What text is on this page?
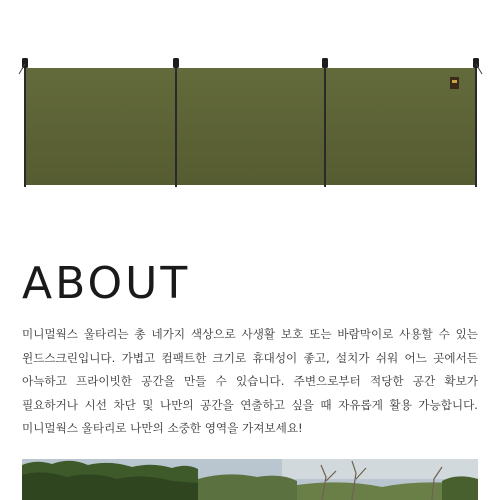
ABOUT

미니멀웍스 울타리는 총 네가지 색상으로 사생활 보호 또는 바람막이로 사용할 수 있는 윈드스크린입니다. 가볍고 컴팩트한 크기로 휴대성이 좋고, 설치가 쉬워 어느 곳에서든 아늑하고 프라이빗한 공간을 만들 수 있습니다. 주변으로부터 적당한 공간 확보가 필요하거나 시선 차단 및 나만의 공간을 연출하고 싶을 때 자유롭게 활용 가능합니다. 미니멀웍스 울타리로 나만의 소중한 영역을 가져보세요!
